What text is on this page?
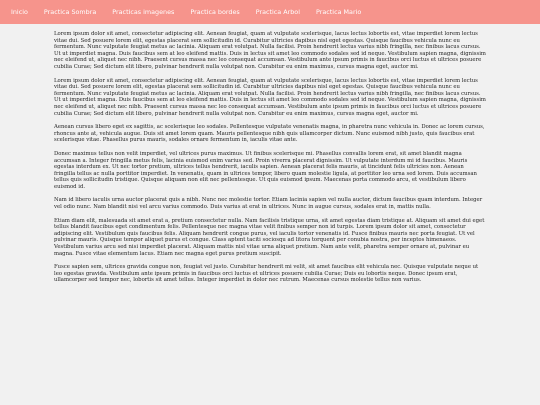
Inicio	Practica Sombra	Practicas imagenes	Practica bordes	Practica Arbol	Practica Mario

Lorem ipsum dolor sit amet, consectetur adipiscing elit. Aenean feugiat, quam at vulputate scelerisque, lacus lectus lobortis est, vitae imperdiet lorem lectus vitae dui. Sed posuere lorem elit, egestas placerat sem sollicitudin id. Curabitur ultricies dapibus nisl eget egestas. Quisque faucibus vehicula nunc eu fermentum. Nunc vulputate feugiat metus ac lacinia. Aliquam erat volutpat. Nulla facilisi. Proin hendrerit lectus varius nibh fringilla, nec finibus lacus cursus. Ut ut imperdiet magna. Duis faucibus sem at leo eleifend mattis. Duis in lectus sit amet leo commodo sodales sed id neque. Vestibulum sapien magna, dignissim nec eleifend ut, aliquet nec nibh. Praesent cursus massa nec leo consequat accumsan. Vestibulum ante ipsum primis in faucibus orci luctus et ultrices posuere cubilia Curae; Sed dictum elit libero, pulvinar hendrerit nulla volutpat non. Curabitur eu enim maximus, cursus magna eget, auctor mi.

Lorem ipsum dolor sit amet, consectetur adipiscing elit. Aenean feugiat, quam at vulputate scelerisque, lacus lectus lobortis est, vitae imperdiet lorem lectus vitae dui. Sed posuere lorem elit, egestas placerat sem sollicitudin id. Curabitur ultricies dapibus nisl eget egestas. Quisque faucibus vehicula nunc eu fermentum. Nunc vulputate feugiat metus ac lacinia. Aliquam erat volutpat. Nulla facilisi. Proin hendrerit lectus varius nibh fringilla, nec finibus lacus cursus. Ut ut imperdiet magna. Duis faucibus sem at leo eleifend mattis. Duis in lectus sit amet leo commodo sodales sed id neque. Vestibulum sapien magna, dignissim nec eleifend ut, aliquet nec nibh. Praesent cursus massa nec leo consequat accumsan. Vestibulum ante ipsum primis in faucibus orci luctus et ultrices posuere cubilia Curae; Sed dictum elit libero, pulvinar hendrerit nulla volutpat non. Curabitur eu enim maximus, cursus magna eget, auctor mi.

Aenean cursus libero eget ex sagittis, ac scelerisque leo sodales. Pellentesque vulputate venenatis magna, in pharetra nunc vehicula in. Donec ac lorem cursus, rhoncus ante at, vehicula augue. Duis sit amet lorem quam. Mauris pellentesque nibh quis ullamcorper dictum. Nunc euismod nibh justo, quis faucibus erat scelerisque vitae. Phasellus purus mauris, sodales ornare fermentum in, iaculis vitae ante.

Donec maximus tellus non velit imperdiet, vel ultrices purus maximus. Ut finibus scelerisque mi. Phasellus convallis lorem erat, sit amet blandit magna accumsan a. Integer fringilla metus felis, lacinia euismod enim varius sed. Proin viverra placerat dignissim. Ut vulputate interdum mi id faucibus. Mauris egestas interdum ex. Ut nec tortor pretium, ultrices tellus hendrerit, iaculis sapien. Aenean placerat felis mauris, at tincidunt felis ultricies non. Aenean fringilla tellus ac nulla porttitor imperdiet. In venenatis, quam in ultrices tempor, libero quam molestie ligula, at porttitor leo urna sed lorem. Duis accumsan tellus quis sollicitudin tristique. Quisque aliquam non elit nec pellentesque. Ut quis euismod ipsum. Maecenas porta commodo arcu, et vestibulum libero euismod id.

Nam id libero iaculis urna auctor placerat quis a nibh. Nunc nec molestie tortor. Etiam lacinia sapien vel nulla auctor, dictum faucibus quam interdum. Integer vel odio nunc. Nam blandit nisi vel arcu varius commodo. Duis varius at erat in ultrices. Nunc in augue cursus, sodales erat in, mattis nulla.

Etiam diam elit, malesuada sit amet erat a, pretium consectetur nulla. Nam facilisis tristique urna, sit amet egestas diam tristique at. Aliquam sit amet dui eget tellus blandit faucibus eget condimentum felis. Pellentesque nec magna vitae velit finibus semper non id turpis. Lorem ipsum dolor sit amet, consectetur adipiscing elit. Vestibulum quis faucibus felis. Aliquam hendrerit congue purus, vel iaculis tortor venenatis id. Fusce finibus mauris nec porta feugiat. Ut vel pulvinar mauris. Quisque tempor aliquet purus et congue. Class aptent taciti sociosqu ad litora torquent per conubia nostra, per inceptos himenaeos. Vestibulum varius arcu sed nisi imperdiet placerat. Aliquam mattis nisl vitae urna aliquet pretium. Nam ante velit, pharetra semper ornare at, pulvinar eu magna. Fusce vitae elementum lacus. Etiam nec magna eget purus pretium suscipit.

Fusce sapien sem, ultrices gravida congue non, feugiat vel justo. Curabitur hendrerit mi velit, sit amet faucibus elit vehicula nec. Quisque vulputate neque ut leo egestas gravida. Vestibulum ante ipsum primis in faucibus orci luctus et ultrices posuere cubilia Curae; Duis eu lobortis neque. Donec ipsum erat, ullamcorper sed tempor nec, lobortis sit amet tellus. Integer imperdiet in dolor nec rutrum. Maecenas cursus molestie tellus non varius.
